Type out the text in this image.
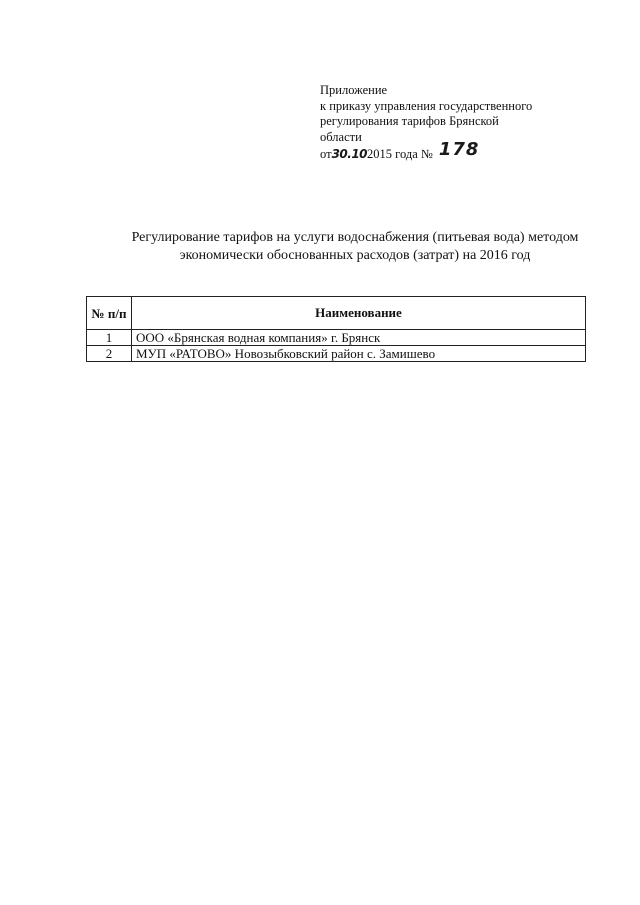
Приложение
к приказу управления государственного
регулирования тарифов Брянской
области
от30.102015 года № 178
Регулирование тарифов на услуги водоснабжения (питьевая вода) методом
экономически обоснованных расходов (затрат) на 2016 год
№ п/п	Наименование
1	ООО «Брянская водная компания» г. Брянск
2	МУП «РАТОВО» Новозыбковский район с. Замишево
